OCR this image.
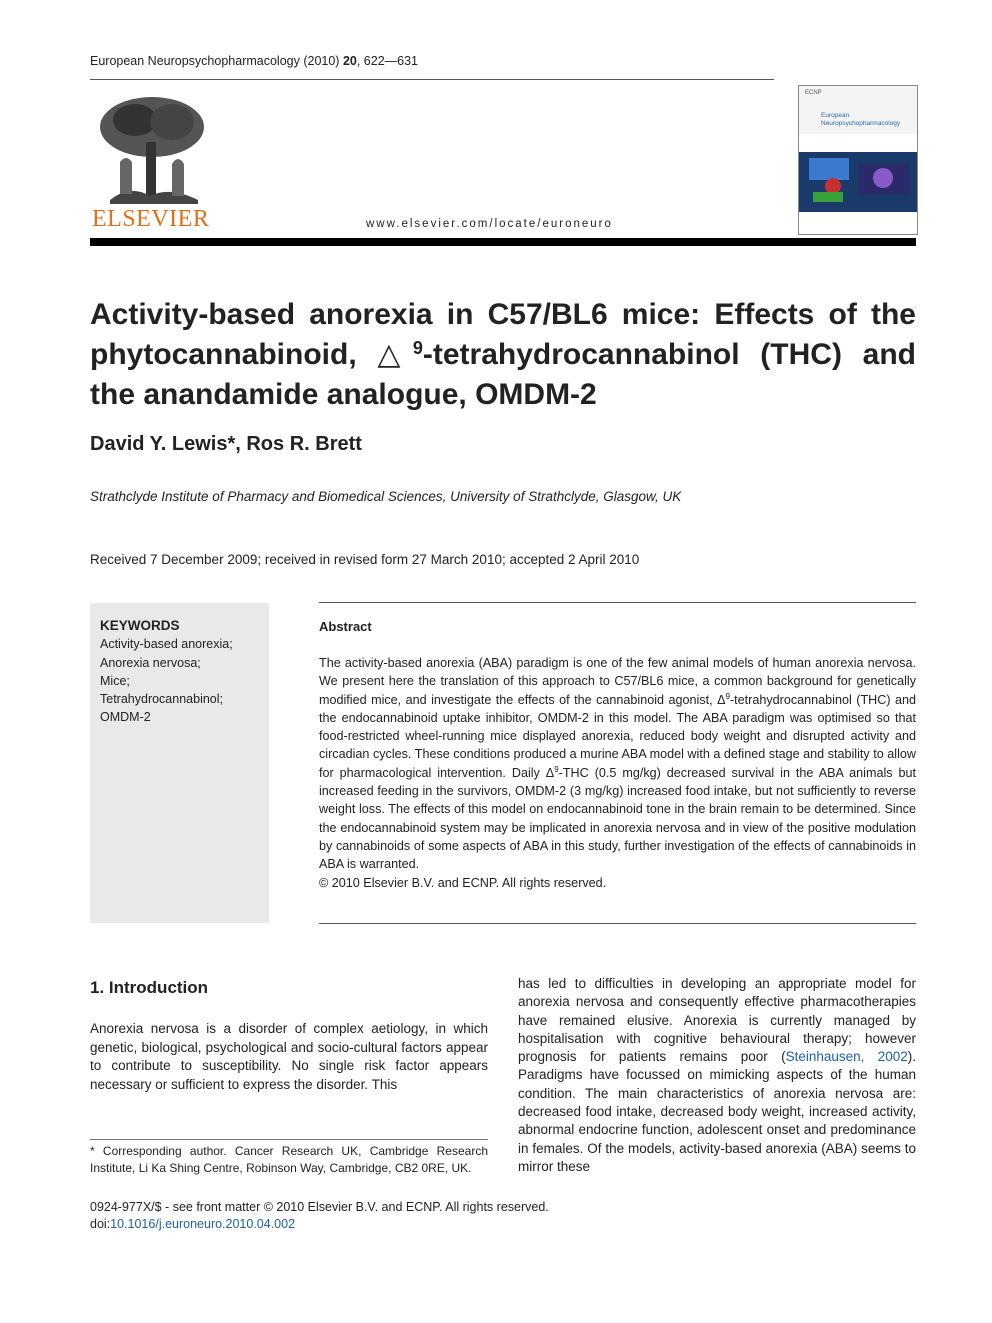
European Neuropsychopharmacology (2010) 20, 622—631
ELSEVIER	www.elsevier.com/locate/euroneuro
ECNP
European Neuropsychopharmacology
Activity-based anorexia in C57/BL6 mice: Effects of the phytocannabinoid, △$^9$-tetrahydrocannabinol (THC) and the anandamide analogue, OMDM-2
David Y. Lewis*, Ros R. Brett
Strathclyde Institute of Pharmacy and Biomedical Sciences, University of Strathclyde, Glasgow, UK
Received 7 December 2009; received in revised form 27 March 2010; accepted 2 April 2010
KEYWORDS
Activity-based anorexia;
Anorexia nervosa;
Mice;
Tetrahydrocannabinol;
OMDM-2
Abstract
The activity-based anorexia (ABA) paradigm is one of the few animal models of human anorexia nervosa. We present here the translation of this approach to C57/BL6 mice, a common background for genetically modified mice, and investigate the effects of the cannabinoid agonist, $\Delta^9$-tetrahydrocannabinol (THC) and the endocannabinoid uptake inhibitor, OMDM-2 in this model. The ABA paradigm was optimised so that food-restricted wheel-running mice displayed anorexia, reduced body weight and disrupted activity and circadian cycles. These conditions produced a murine ABA model with a defined stage and stability to allow for pharmacological intervention. Daily $\Delta^9$-THC (0.5 mg/kg) decreased survival in the ABA animals but increased feeding in the survivors, OMDM-2 (3 mg/kg) increased food intake, but not sufficiently to reverse weight loss. The effects of this model on endocannabinoid tone in the brain remain to be determined. Since the endocannabinoid system may be implicated in anorexia nervosa and in view of the positive modulation by cannabinoids of some aspects of ABA in this study, further investigation of the effects of cannabinoids in ABA is warranted.
© 2010 Elsevier B.V. and ECNP. All rights reserved.
1. Introduction
Anorexia nervosa is a disorder of complex aetiology, in which genetic, biological, psychological and socio-cultural factors appear to contribute to susceptibility. No single risk factor appears necessary or sufficient to express the disorder. This
has led to difficulties in developing an appropriate model for anorexia nervosa and consequently effective pharmacotherapies have remained elusive. Anorexia is currently managed by hospitalisation with cognitive behavioural therapy; however prognosis for patients remains poor (Steinhausen, 2002). Paradigms have focussed on mimicking aspects of the human condition. The main characteristics of anorexia nervosa are: decreased food intake, decreased body weight, increased activity, abnormal endocrine function, adolescent onset and predominance in females. Of the models, activity-based anorexia (ABA) seems to mirror these
* Corresponding author. Cancer Research UK, Cambridge Research Institute, Li Ka Shing Centre, Robinson Way, Cambridge, CB2 0RE, UK.
0924-977X/$ - see front matter © 2010 Elsevier B.V. and ECNP. All rights reserved.
doi:10.1016/j.euroneuro.2010.04.002
